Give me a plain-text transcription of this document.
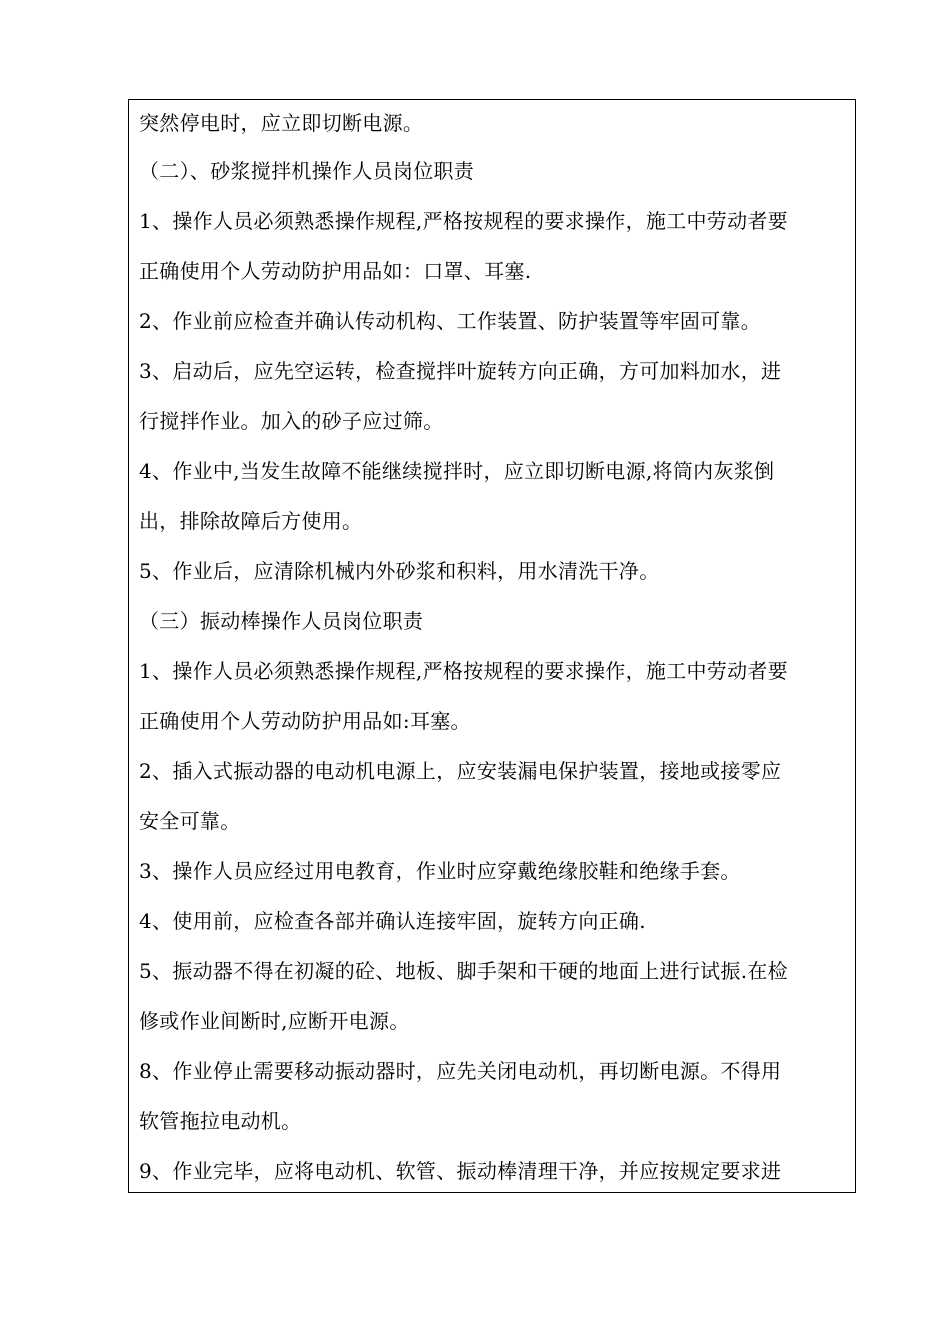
突然停电时，应立即切断电源。
（二）、砂浆搅拌机操作人员岗位职责
1、操作人员必须熟悉操作规程,严格按规程的要求操作，施工中劳动者要
正确使用个人劳动防护用品如：口罩、耳塞.
2、作业前应检查并确认传动机构、工作装置、防护装置等牢固可靠。
3、启动后，应先空运转，检查搅拌叶旋转方向正确，方可加料加水，进
行搅拌作业。加入的砂子应过筛。
4、作业中,当发生故障不能继续搅拌时，应立即切断电源,将筒内灰浆倒
出，排除故障后方使用。
5、作业后，应清除机械内外砂浆和积料，用水清洗干净。
（三）振动棒操作人员岗位职责
1、操作人员必须熟悉操作规程,严格按规程的要求操作，施工中劳动者要
正确使用个人劳动防护用品如:耳塞。
2、插入式振动器的电动机电源上，应安装漏电保护装置，接地或接零应
安全可靠。
3、操作人员应经过用电教育，作业时应穿戴绝缘胶鞋和绝缘手套。
4、使用前，应检查各部并确认连接牢固，旋转方向正确.
5、振动器不得在初凝的砼、地板、脚手架和干硬的地面上进行试振.在检
修或作业间断时,应断开电源。
8、作业停止需要移动振动器时，应先关闭电动机，再切断电源。不得用
软管拖拉电动机。
9、作业完毕，应将电动机、软管、振动棒清理干净，并应按规定要求进
